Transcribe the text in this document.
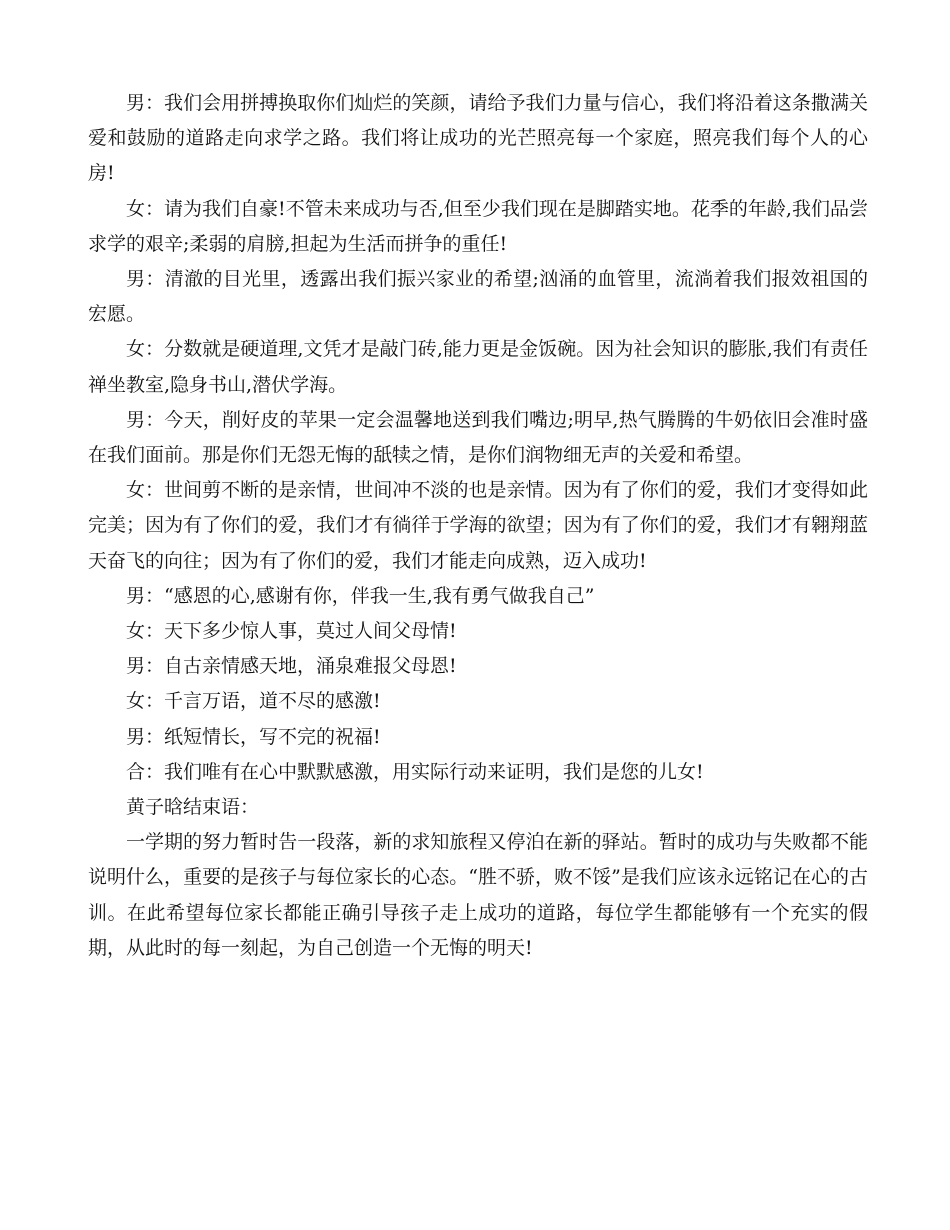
男：我们会用拼搏换取你们灿烂的笑颜，请给予我们力量与信心，我们将沿着这条撒满关爱和鼓励的道路走向求学之路。我们将让成功的光芒照亮每一个家庭，照亮我们每个人的心房!

女：请为我们自豪!不管未来成功与否,但至少我们现在是脚踏实地。花季的年龄,我们品尝求学的艰辛;柔弱的肩膀,担起为生活而拼争的重任!

男：清澈的目光里，透露出我们振兴家业的希望;汹涌的血管里，流淌着我们报效祖国的宏愿。

女：分数就是硬道理,文凭才是敲门砖,能力更是金饭碗。因为社会知识的膨胀,我们有责任禅坐教室,隐身书山,潜伏学海。

男：今天，削好皮的苹果一定会温馨地送到我们嘴边;明早,热气腾腾的牛奶依旧会准时盛在我们面前。那是你们无怨无悔的舐犊之情，是你们润物细无声的关爱和希望。

女：世间剪不断的是亲情，世间冲不淡的也是亲情。因为有了你们的爱，我们才变得如此完美；因为有了你们的爱，我们才有徜徉于学海的欲望；因为有了你们的爱，我们才有翱翔蓝天奋飞的向往；因为有了你们的爱，我们才能走向成熟，迈入成功!

男：“感恩的心,感谢有你，伴我一生,我有勇气做我自己”

女：天下多少惊人事，莫过人间父母情!

男：自古亲情感天地，涌泉难报父母恩!

女：千言万语，道不尽的感激!

男：纸短情长，写不完的祝福!

合：我们唯有在心中默默感激，用实际行动来证明，我们是您的儿女!

黄子晗结束语：

一学期的努力暂时告一段落，新的求知旅程又停泊在新的驿站。暂时的成功与失败都不能说明什么，重要的是孩子与每位家长的心态。“胜不骄，败不馁”是我们应该永远铭记在心的古训。在此希望每位家长都能正确引导孩子走上成功的道路，每位学生都能够有一个充实的假期，从此时的每一刻起，为自己创造一个无悔的明天!
